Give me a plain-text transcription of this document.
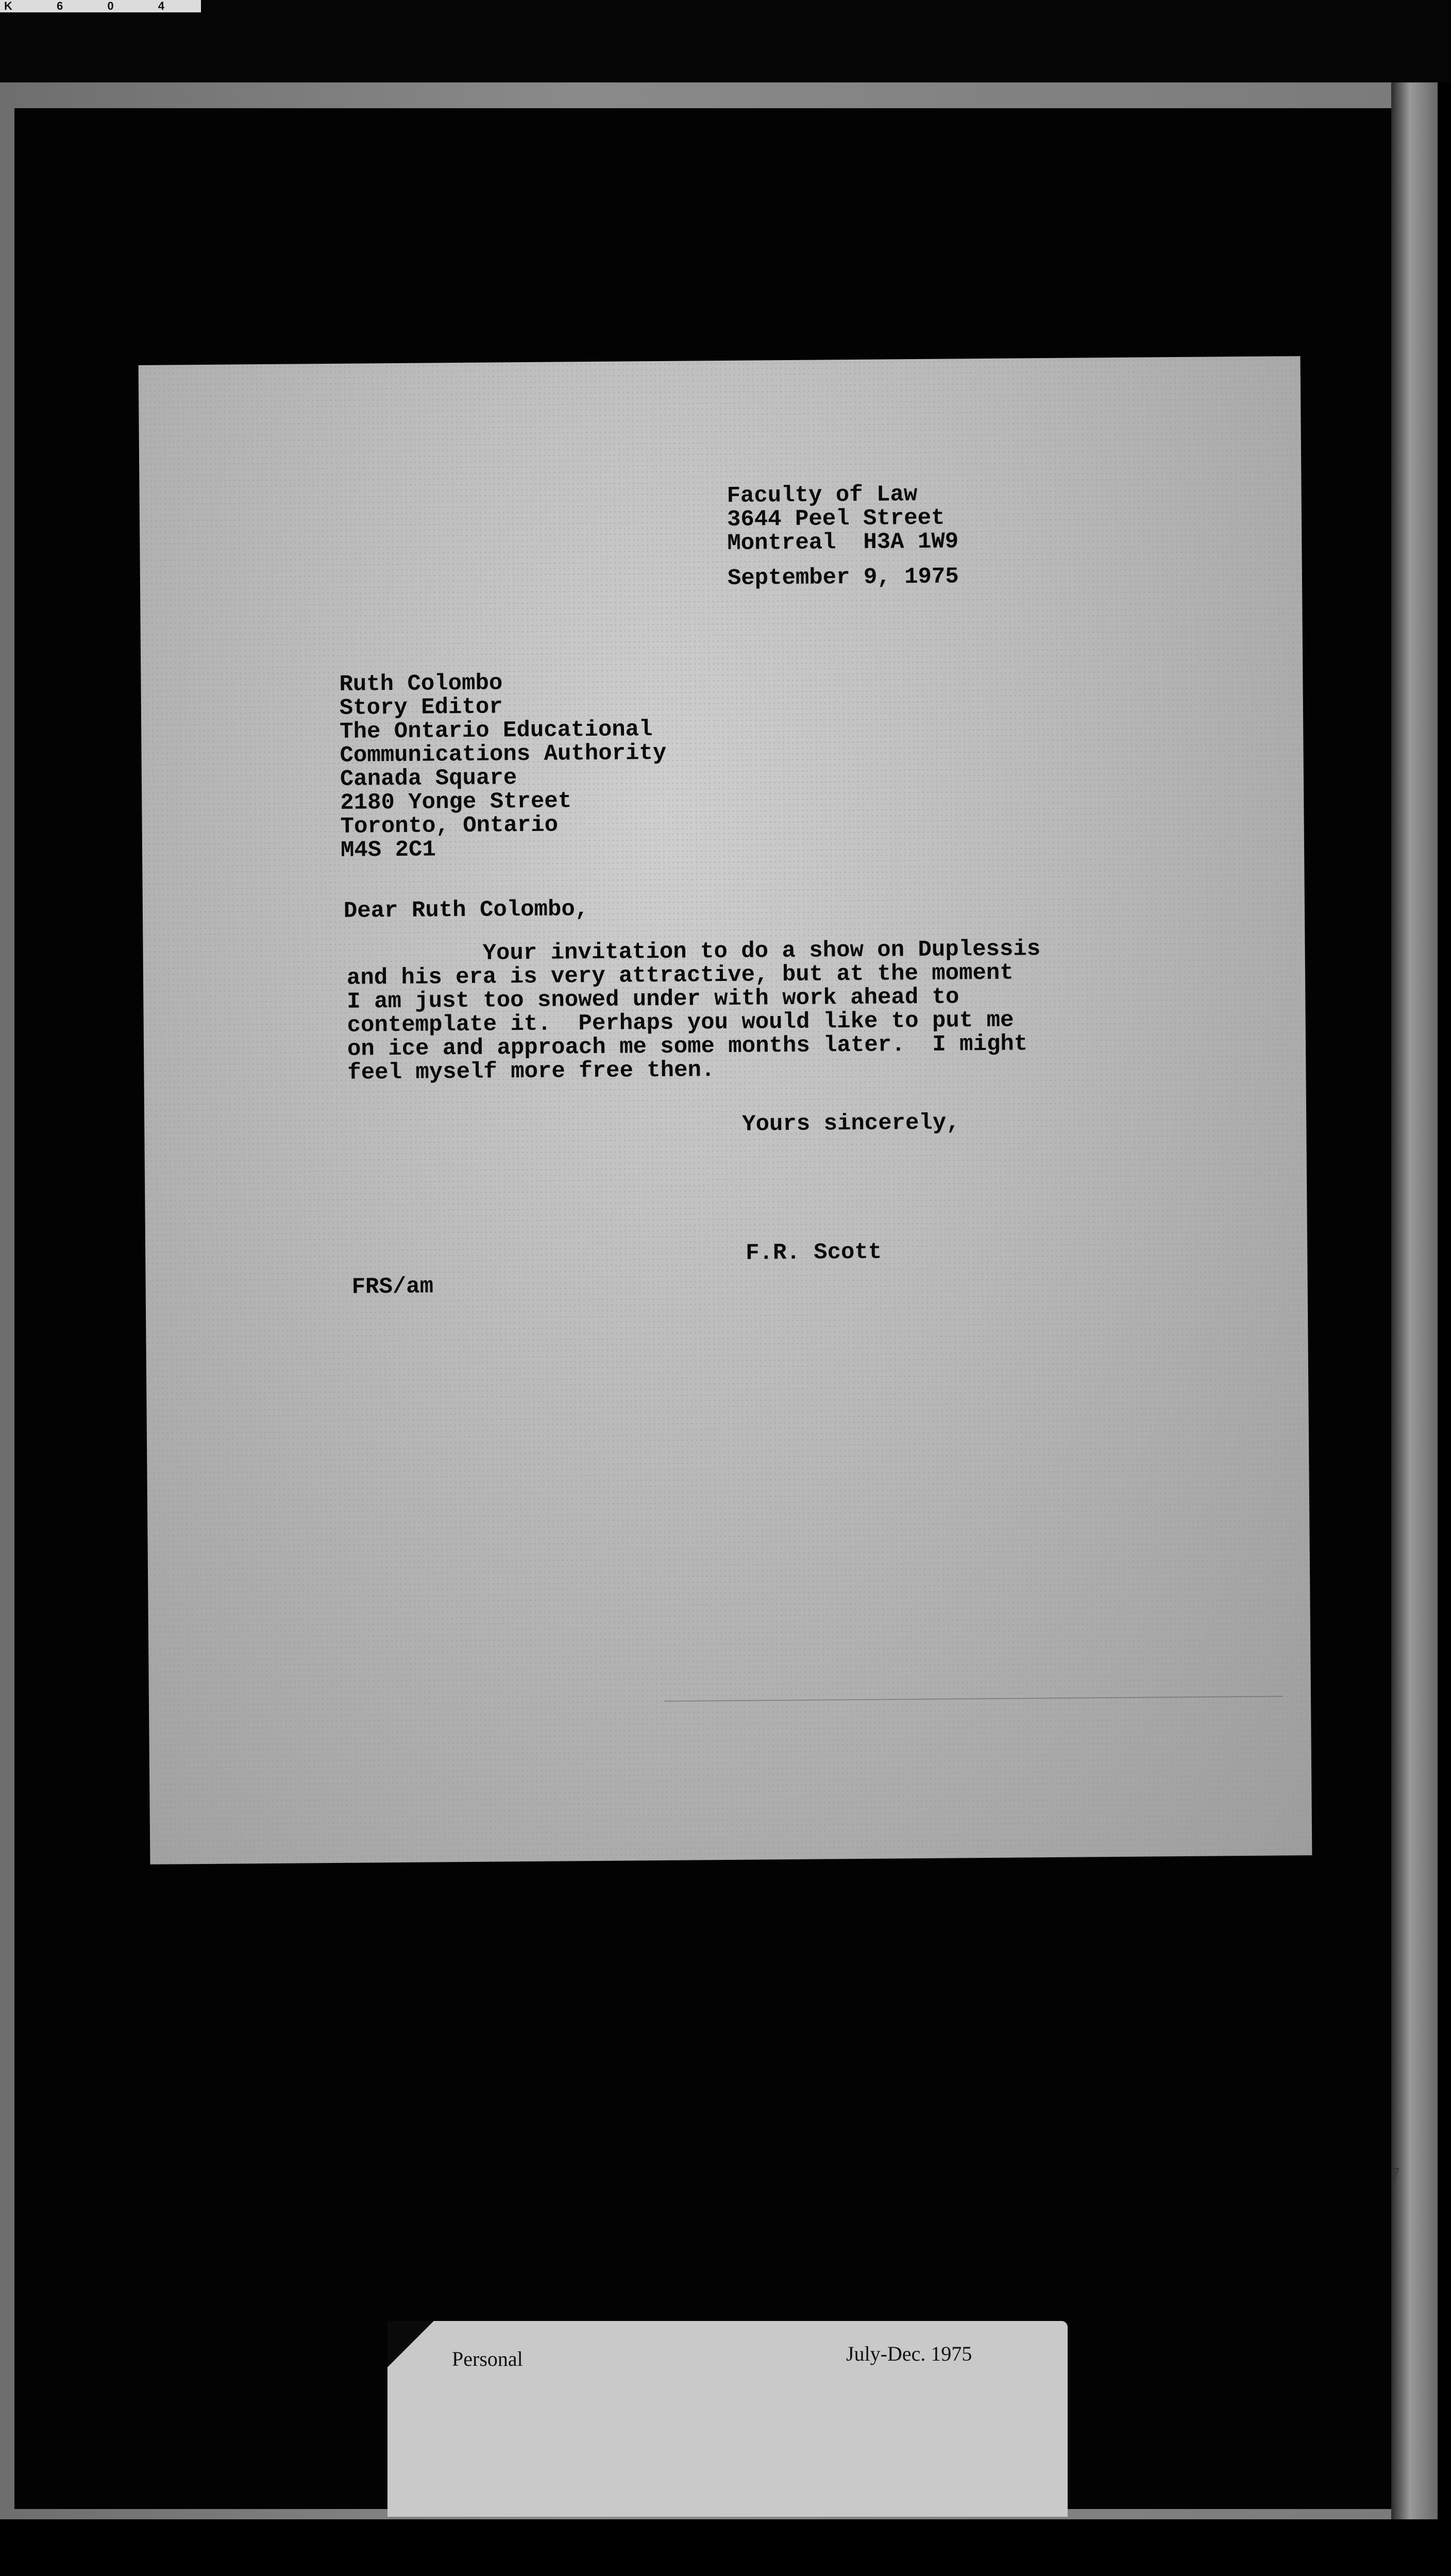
K 6 0 4
Faculty of Law
3644 Peel Street
Montreal  H3A 1W9
September 9, 1975
Ruth Colombo
Story Editor
The Ontario Educational
Communications Authority
Canada Square
2180 Yonge Street
Toronto, Ontario
M4S 2C1
Dear Ruth Colombo,
Your invitation to do a show on Duplessis
and his era is very attractive, but at the moment
I am just too snowed under with work ahead to
contemplate it.  Perhaps you would like to put me
on ice and approach me some months later.  I might
feel myself more free then.
Yours sincerely,
F.R. Scott
FRS/am
Personal	July-Dec. 1975
7
